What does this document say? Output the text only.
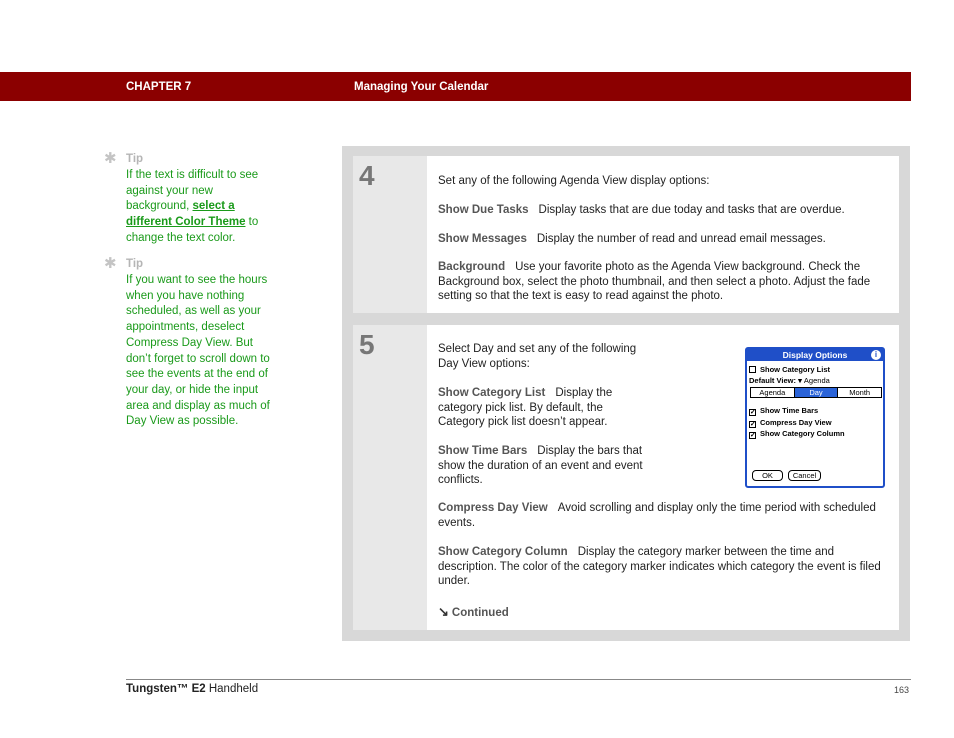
CHAPTER 7	Managing Your Calendar
✱ Tip
If the text is difficult to see against your new background, select a different Color Theme to change the text color.
✱ Tip
If you want to see the hours when you have nothing scheduled, as well as your appointments, deselect Compress Day View. But don’t forget to scroll down to see the events at the end of your day, or hide the input area and display as much of Day View as possible.
4	Set any of the following Agenda View display options:
Show Due Tasks Display tasks that are due today and tasks that are overdue.
Show Messages Display the number of read and unread email messages.
Background Use your favorite photo as the Agenda View background. Check the Background box, select the photo thumbnail, and then select a photo. Adjust the fade setting so that the text is easy to read against the photo.
5	Select Day and set any of the following Day View options:
Show Category List Display the category pick list. By default, the Category pick list doesn’t appear.
Show Time Bars Display the bars that show the duration of an event and event conflicts.
Compress Day View Avoid scrolling and display only the time period with scheduled events.
Show Category Column Display the category marker between the time and description. The color of the category marker indicates which category the event is filed under.
↘ Continued
Display Options	i
Show Category List
Default View: ▾ Agenda
Agenda	Day	Month
✓ Show Time Bars
✓ Compress Day View
✓ Show Category Column
OK	Cancel
Tungsten™ E2 Handheld	163
